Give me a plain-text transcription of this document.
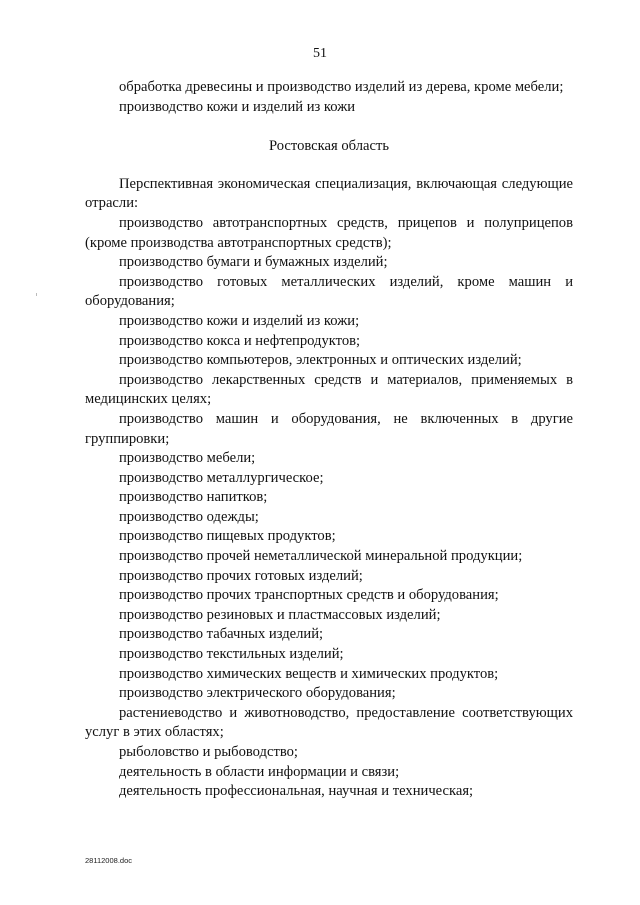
51

обработка древесины и производство изделий из дерева, кроме мебели;

производство кожи и изделий из кожи

Ростовская область

Перспективная экономическая специализация, включающая следующие отрасли:

производство автотранспортных средств, прицепов и полуприцепов (кроме производства автотранспортных средств);

производство бумаги и бумажных изделий;

производство готовых металлических изделий, кроме машин и оборудования;

производство кожи и изделий из кожи;

производство кокса и нефтепродуктов;

производство компьютеров, электронных и оптических изделий;

производство лекарственных средств и материалов, применяемых в медицинских целях;

производство машин и оборудования, не включенных в другие группировки;

производство мебели;

производство металлургическое;

производство напитков;

производство одежды;

производство пищевых продуктов;

производство прочей неметаллической минеральной продукции;

производство прочих готовых изделий;

производство прочих транспортных средств и оборудования;

производство резиновых и пластмассовых изделий;

производство табачных изделий;

производство текстильных изделий;

производство химических веществ и химических продуктов;

производство электрического оборудования;

растениеводство и животноводство, предоставление соответствующих услуг в этих областях;

рыболовство и рыбоводство;

деятельность в области информации и связи;

деятельность профессиональная, научная и техническая;

28112008.doc
